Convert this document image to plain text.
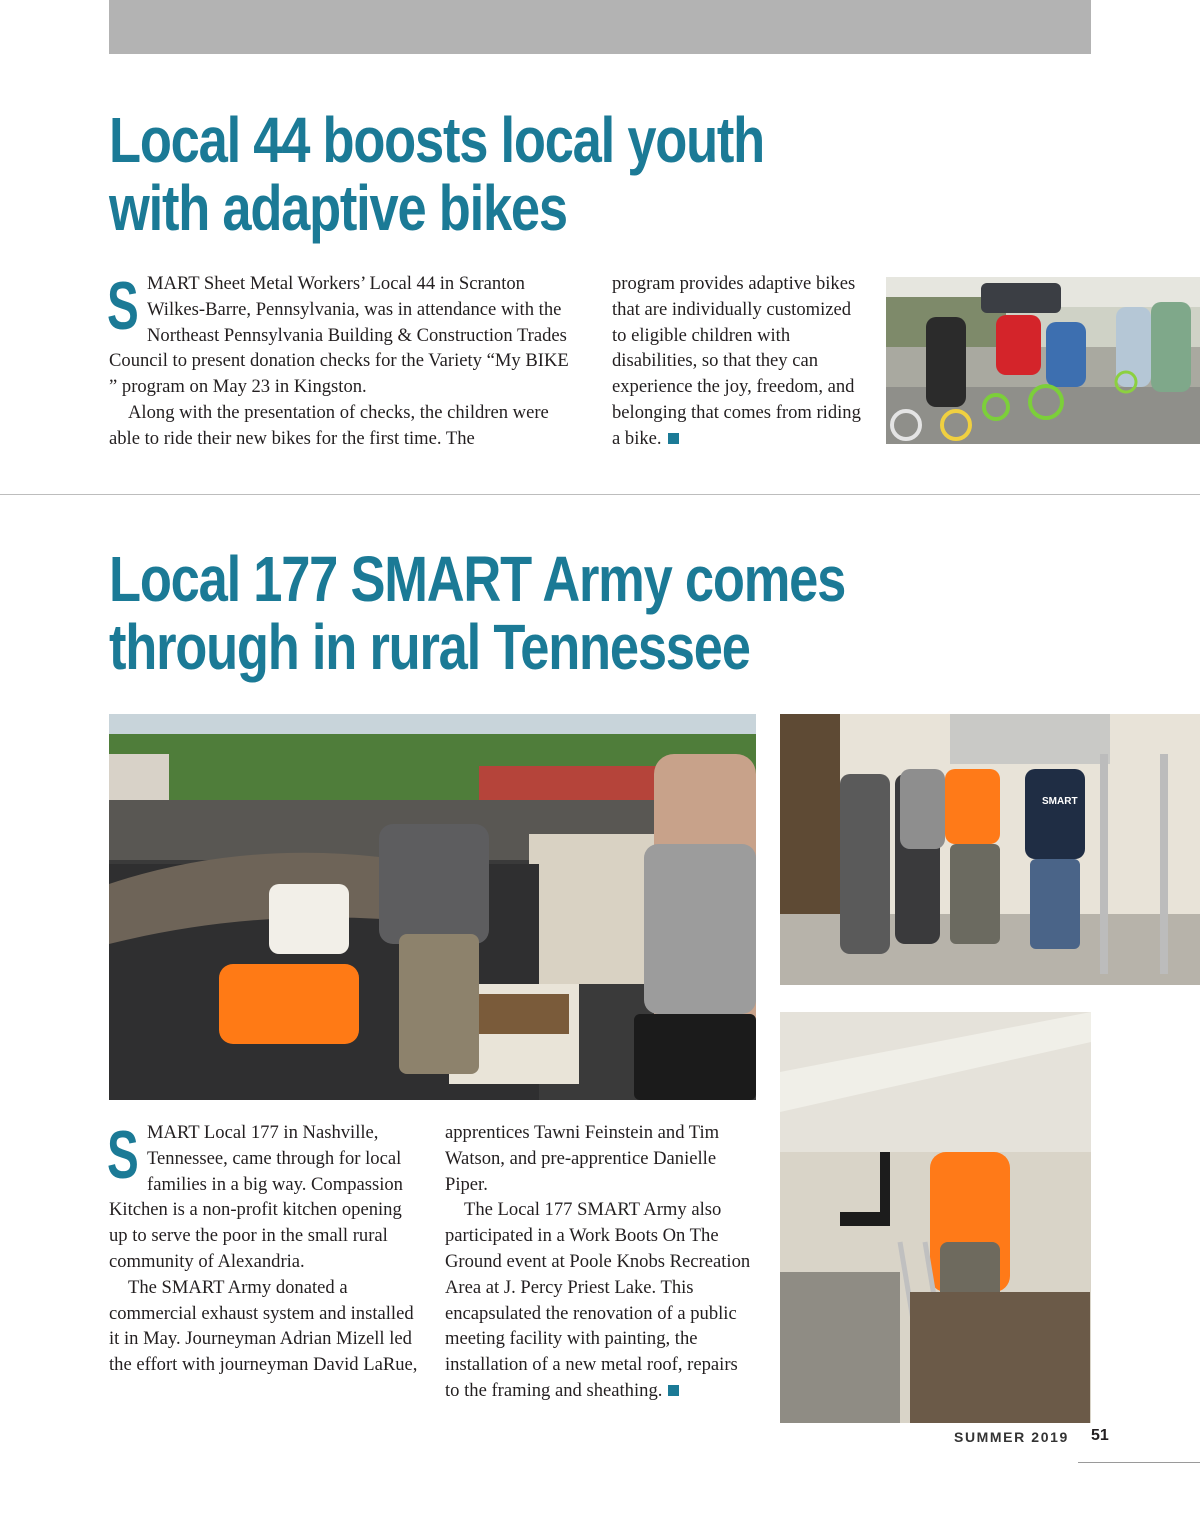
Local 44 boosts local youth
with adaptive bikes

SMART Sheet Metal Workers’ Local 44 in Scranton Wilkes-Barre, Pennsylvania, was in attendance with the Northeast Pennsylvania Building & Construction Trades Council to present donation checks for the Variety “My BIKE ” program on May 23 in Kingston.

Along with the presentation of checks, the children were able to ride their new bikes for the first time. The

program provides adaptive bikes that are individually customized to eligible children with disabilities, so that they can experience the joy, freedom, and belonging that comes from riding a bike.

Local 177 SMART Army comes
through in rural Tennessee
SMART

SMART Local 177 in Nashville, Tennessee, came through for local families in a big way. Compassion Kitchen is a non-profit kitchen opening up to serve the poor in the small rural community of Alexandria.

The SMART Army donated a commercial exhaust system and installed it in May. Journeyman Adrian Mizell led the effort with journeyman David LaRue,

apprentices Tawni Feinstein and Tim Watson, and pre-apprentice Danielle Piper.

The Local 177 SMART Army also participated in a Work Boots On The Ground event at Poole Knobs Recreation Area at J. Percy Priest Lake. This encapsulated the renovation of a public meeting facility with painting, the installation of a new metal roof, repairs to the framing and sheathing.

SUMMER 2019 51
